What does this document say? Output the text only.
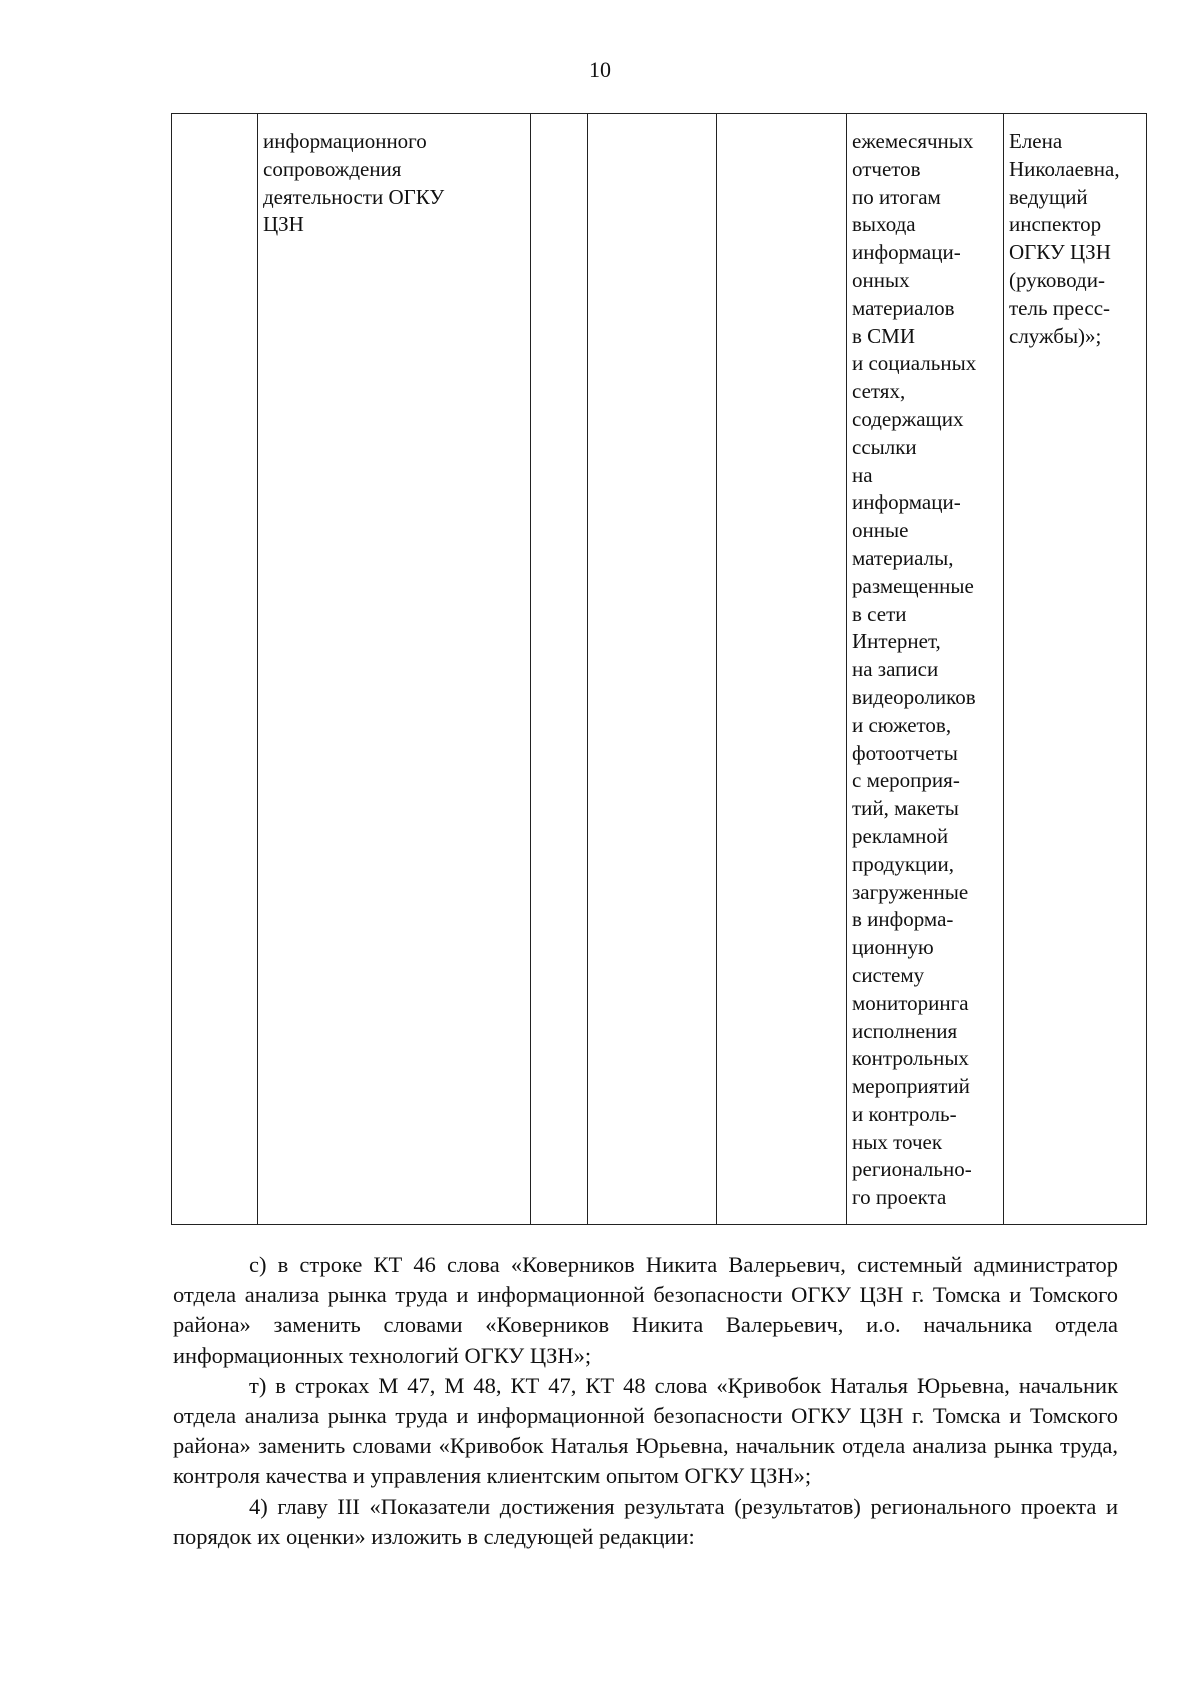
10
	информационного
сопровождения
деятельности ОГКУ
ЦЗН				ежемесячных
отчетов
по итогам
выхода
информаци-
онных
материалов
в СМИ
и социальных
сетях,
содержащих
ссылки
на
информаци-
онные
материалы,
размещенные
в сети
Интернет,
на записи
видеороликов
и сюжетов,
фотоотчеты
с мероприя-
тий, макеты
рекламной
продукции,
загруженные
в информа-
ционную
систему
мониторинга
исполнения
контрольных
мероприятий
и контроль-
ных точек
регионально-
го проекта	Елена
Николаевна,
ведущий
инспектор
ОГКУ ЦЗН
(руководи-
тель пресс-
службы)»;

с) в строке КТ 46 слова «Коверников Никита Валерьевич, системный администратор отдела анализа рынка труда и информационной безопасности ОГКУ ЦЗН г. Томска и Томского района» заменить словами «Коверников Никита Валерьевич, и.о. начальника отдела информационных технологий ОГКУ ЦЗН»;

т) в строках М 47, М 48, КТ 47, КТ 48 слова «Кривобок Наталья Юрьевна, начальник отдела анализа рынка труда и информационной безопасности ОГКУ ЦЗН г. Томска и Томского района» заменить словами «Кривобок Наталья Юрьевна, начальник отдела анализа рынка труда, контроля качества и управления клиентским опытом ОГКУ ЦЗН»;

4) главу III «Показатели достижения результата (результатов) регионального проекта и порядок их оценки» изложить в следующей редакции:
